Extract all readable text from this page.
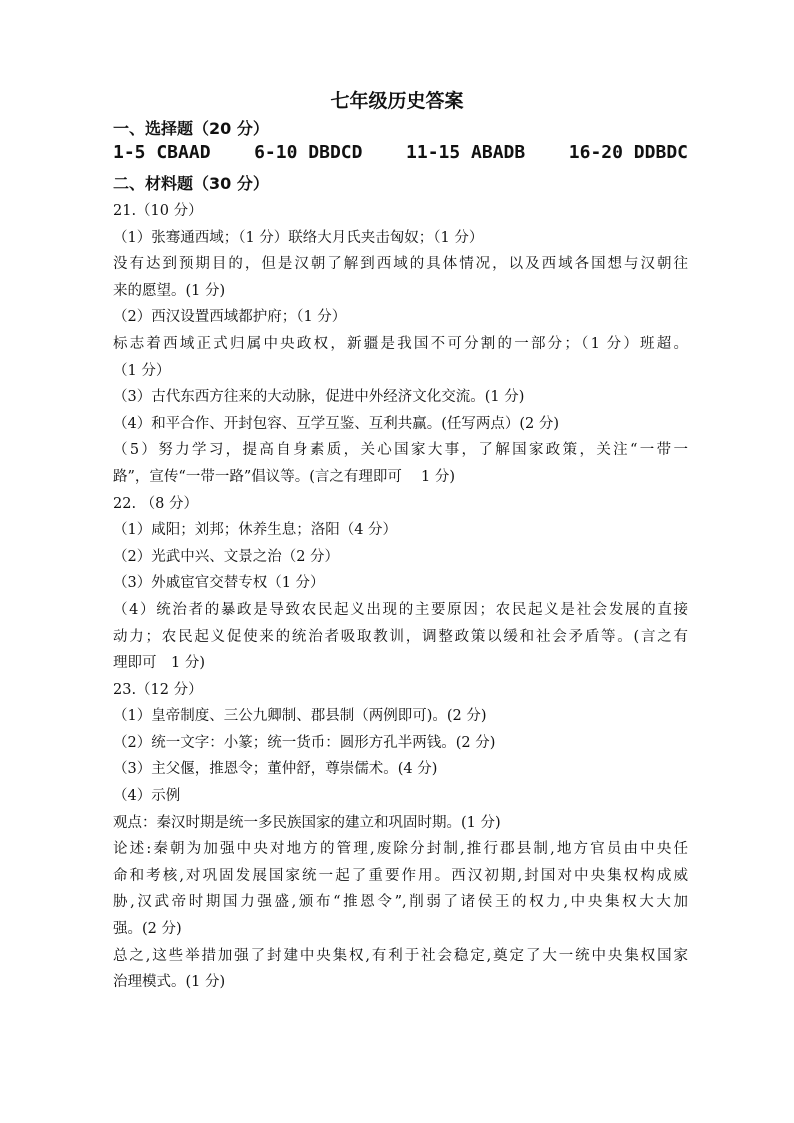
七年级历史答案
一、选择题（20 分）
1-5 CBAAD 6-10 DBDCD 11-15 ABADB 16-20 DDBDC
二、材料题（30 分）
21.（10 分）
（1）张骞通西域；（1 分）联络大月氏夹击匈奴；（1 分）
没有达到预期目的，但是汉朝了解到西域的具体情况，以及西域各国想与汉朝往
来的愿望。(1 分)
（2）西汉设置西域都护府；（1 分）
标志着西域正式归属中央政权，新疆是我国不可分割的一部分；（1 分）班超。
（1 分）
（3）古代东西方往来的大动脉，促进中外经济文化交流。(1 分)
（4）和平合作、开封包容、互学互鉴、互利共赢。(任写两点）(2 分)
（5）努力学习，提高自身素质，关心国家大事，了解国家政策，关注“一带一
路”，宣传“一带一路”倡议等。(言之有理即可　 1 分)
22. （8 分）
（1）咸阳；刘邦；休养生息；洛阳（4 分）
（2）光武中兴、文景之治（2 分）
（3）外戚宦官交替专权（1 分）
（4）统治者的暴政是导致农民起义出现的主要原因；农民起义是社会发展的直接
动力；农民起义促使来的统治者吸取教训，调整政策以缓和社会矛盾等。(言之有
理即可　1 分)
23.（12 分）
（1）皇帝制度、三公九卿制、郡县制（两例即可)。(2 分)
（2）统一文字：小篆；统一货币：圆形方孔半两钱。(2 分)
（3）主父偃，推恩令；董仲舒，尊崇儒术。(4 分)
（4）示例
观点：秦汉时期是统一多民族国家的建立和巩固时期。(1 分)
论述:秦朝为加强中央对地方的管理,废除分封制,推行郡县制,地方官员由中央任
命和考核,对巩固发展国家统一起了重要作用。西汉初期,封国对中央集权构成威
胁,汉武帝时期国力强盛,颁布“推恩令”,削弱了诸侯王的权力,中央集权大大加
强。(2 分)
总之,这些举措加强了封建中央集权,有利于社会稳定,奠定了大一统中央集权国家
治理模式。(1 分)
